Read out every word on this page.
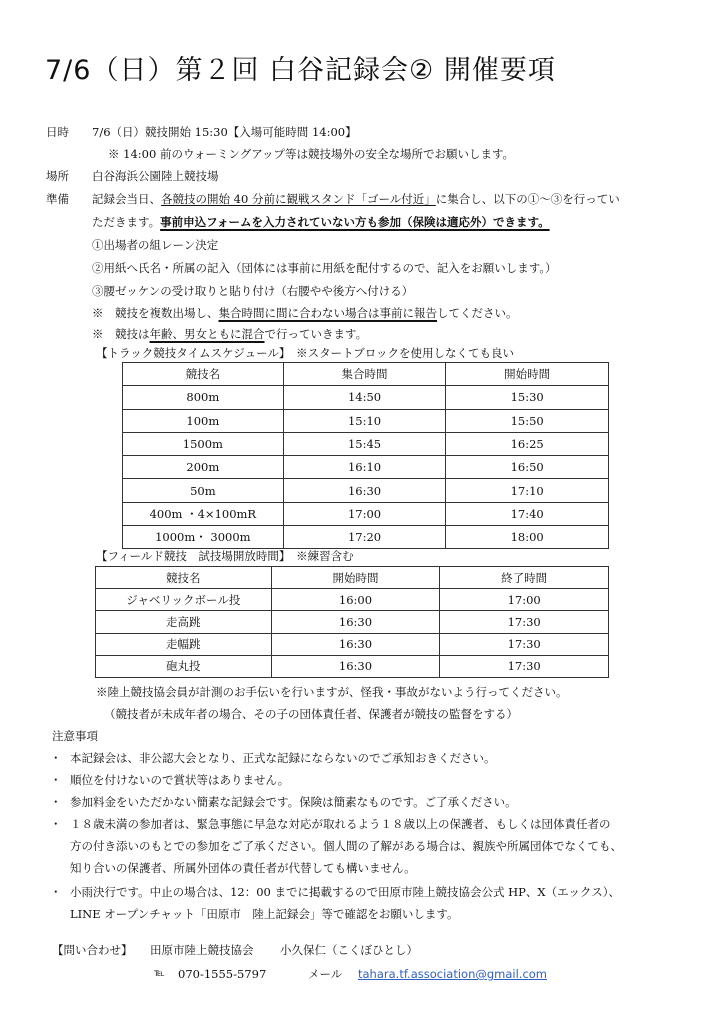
7/6（日）第２回 白谷記録会② 開催要項
日時 7/6（日）競技開始 15:30【入場可能時間 14:00】
※ 14:00 前のウォーミングアップ等は競技場外の安全な場所でお願いします。
場所 白谷海浜公園陸上競技場
準備 記録会当日、各競技の開始 40 分前に観戦スタンド「ゴール付近」に集合し、以下の①～③を行ってい
ただきます。事前申込フォームを入力されていない方も参加（保険は適応外）できます。
①出場者の組レーン決定
②用紙へ氏名・所属の記入（団体には事前に用紙を配付するので、記入をお願いします。）
③腰ゼッケンの受け取りと貼り付け（右腰やや後方へ付ける）
※　競技を複数出場し、集合時間に間に合わない場合は事前に報告してください。
※　競技は年齢、男女ともに混合で行っていきます。
【トラック競技タイムスケジュール】　※スタートブロックを使用しなくても良い
競技名	集合時間	開始時間
800m	14:50	15:30
100m	15:10	15:50
1500m	15:45	16:25
200m	16:10	16:50
50m	16:30	17:10
400m ・4×100mR	17:00	17:40
1000m・ 3000m	17:20	18:00
【フィールド競技　試技場開放時間】　※練習含む
競技名	開始時間	終了時間
ジャベリックボール投	16:00	17:00
走高跳	16:30	17:30
走幅跳	16:30	17:30
砲丸投	16:30	17:30
※陸上競技協会員が計測のお手伝いを行いますが、怪我・事故がないよう行ってください。
（競技者が未成年者の場合、その子の団体責任者、保護者が競技の監督をする）
注意事項
・ 本記録会は、非公認大会となり、正式な記録にならないのでご承知おきください。
・ 順位を付けないので賞状等はありません。
・ 参加料金をいただかない簡素な記録会です。保険は簡素なものです。ご了承ください。
・ １８歳未満の参加者は、緊急事態に早急な対応が取れるよう１８歳以上の保護者、もしくは団体責任者の
方の付き添いのもとでの参加をご了承ください。個人間の了解がある場合は、親族や所属団体でなくても、
知り合いの保護者、所属外団体の責任者が代替しても構いません。
・ 小雨決行です。中止の場合は、12：00 までに掲載するので田原市陸上競技協会公式 HP、X（エックス）、
LINE オープンチャット「田原市　陸上記録会」等で確認をお願いします。
【問い合わせ】 田原市陸上競技協会 小久保仁（こくぼひとし）
℡ 070-1555-5797	メール tahara.tf.association@gmail.com
